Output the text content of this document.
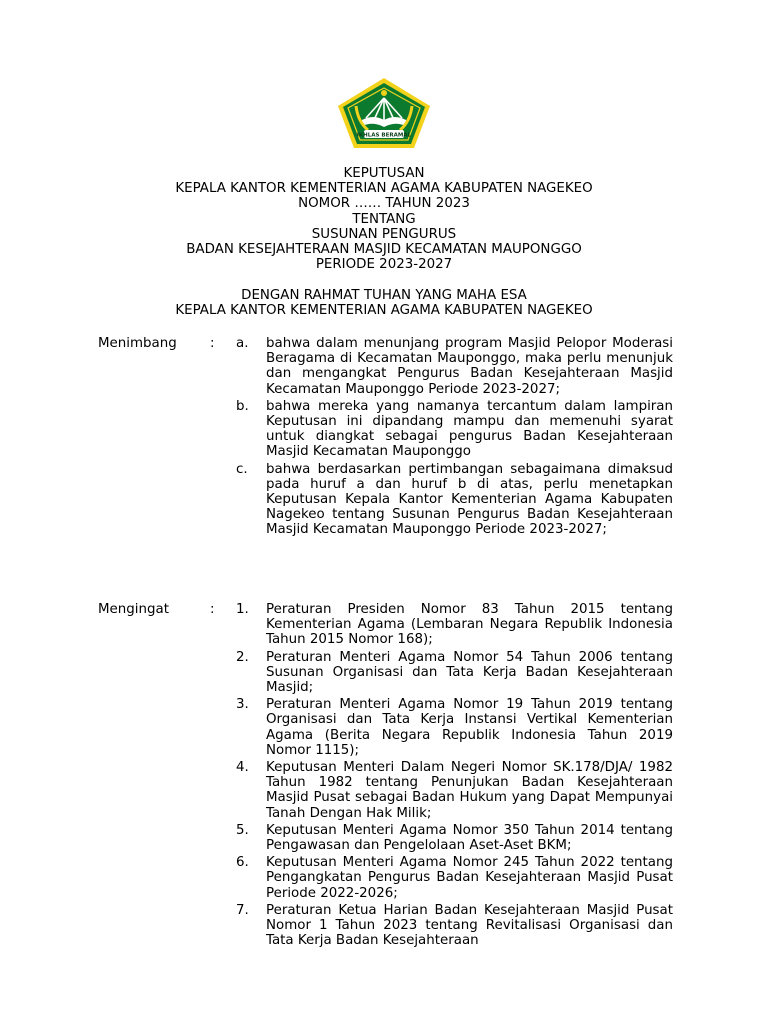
IKHLAS BERAMAL
KEPUTUSAN
KEPALA KANTOR KEMENTERIAN AGAMA KABUPATEN NAGEKEO
NOMOR …… TAHUN 2023
TENTANG
SUSUNAN PENGURUS
BADAN KESEJAHTERAAN MASJID KECAMATAN MAUPONGGO
PERIODE 2023-2027
DENGAN RAHMAT TUHAN YANG MAHA ESA
KEPALA KANTOR KEMENTERIAN AGAMA KABUPATEN NAGEKEO
Menimbang : a. bahwa dalam menunjang program Masjid Pelopor Moderasi Beragama di Kecamatan Mauponggo, maka perlu menunjuk dan mengangkat Pengurus Badan Kesejahteraan Masjid Kecamatan Mauponggo Periode 2023-2027;
b. bahwa mereka yang namanya tercantum dalam lampiran Keputusan ini dipandang mampu dan memenuhi syarat untuk diangkat sebagai pengurus Badan Kesejahteraan Masjid Kecamatan Mauponggo
c. bahwa berdasarkan pertimbangan sebagaimana dimaksud pada huruf a dan huruf b di atas, perlu menetapkan Keputusan Kepala Kantor Kementerian Agama Kabupaten Nagekeo tentang Susunan Pengurus Badan Kesejahteraan Masjid Kecamatan Mauponggo Periode 2023-2027;
Mengingat	: 1. Peraturan Presiden Nomor 83 Tahun 2015 tentang Kementerian Agama (Lembaran Negara Republik Indonesia Tahun 2015 Nomor 168);
2. Peraturan Menteri Agama Nomor 54 Tahun 2006 tentang Susunan Organisasi dan Tata Kerja Badan Kesejahteraan Masjid;
3. Peraturan Menteri Agama Nomor 19 Tahun 2019 tentang Organisasi dan Tata Kerja Instansi Vertikal Kementerian Agama (Berita Negara Republik Indonesia Tahun 2019 Nomor 1115);
4. Keputusan Menteri Dalam Negeri Nomor SK.178/DJA/ 1982 Tahun 1982 tentang Penunjukan Badan Kesejahteraan Masjid Pusat sebagai Badan Hukum yang Dapat Mempunyai Tanah Dengan Hak Milik;
5. Keputusan Menteri Agama Nomor 350 Tahun 2014 tentang Pengawasan dan Pengelolaan Aset-Aset BKM;
6. Keputusan Menteri Agama Nomor 245 Tahun 2022 tentang Pengangkatan Pengurus Badan Kesejahteraan Masjid Pusat Periode 2022-2026;
7. Peraturan Ketua Harian Badan Kesejahteraan Masjid Pusat Nomor 1 Tahun 2023 tentang Revitalisasi Organisasi dan Tata Kerja Badan Kesejahteraan
